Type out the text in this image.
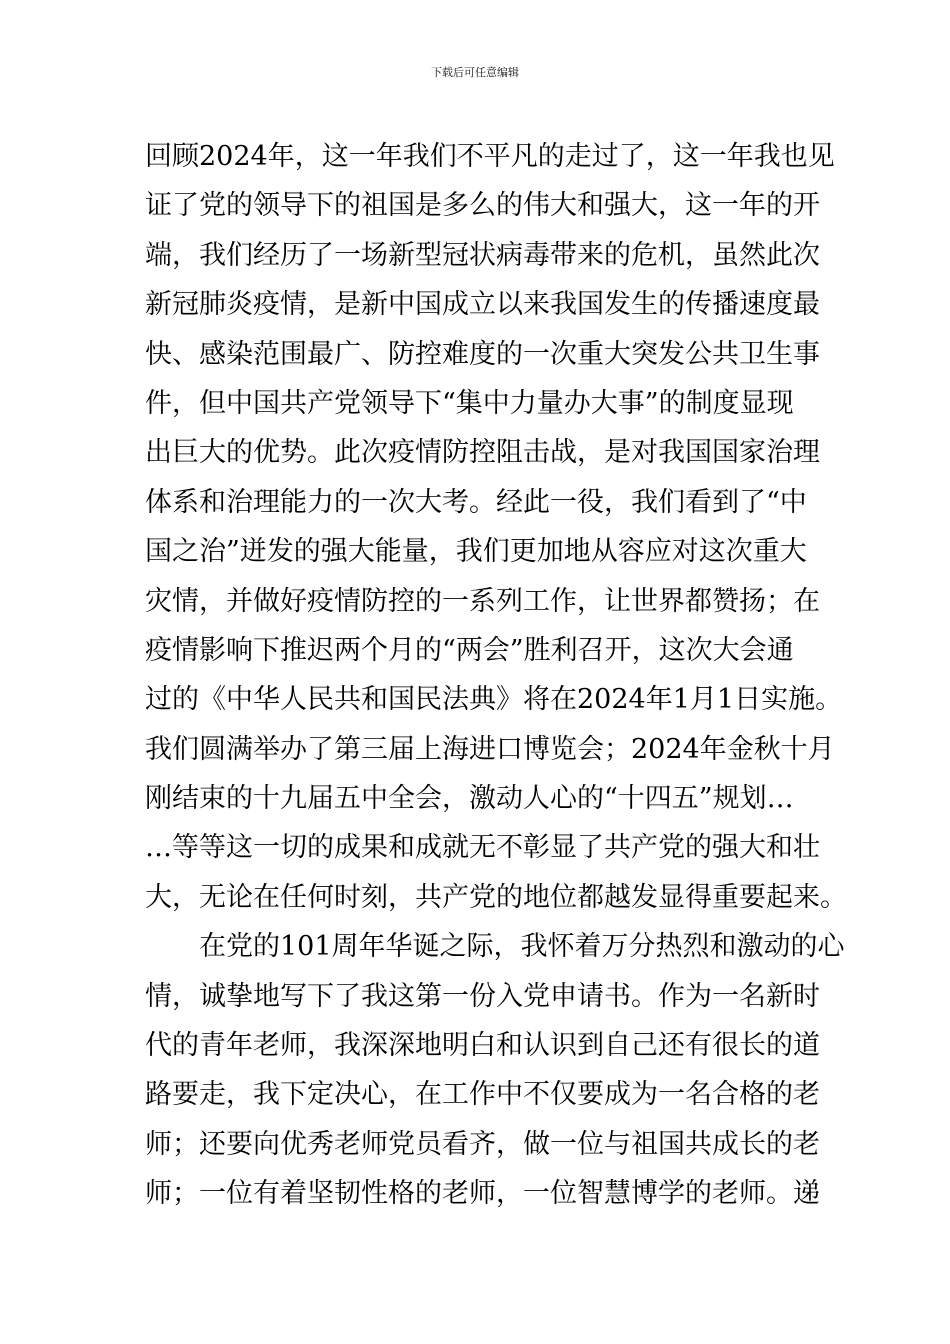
下载后可任意编辑
回顾2024年，这一年我们不平凡的走过了，这一年我也见
证了党的领导下的祖国是多么的伟大和强大，这一年的开
端，我们经历了一场新型冠状病毒带来的危机，虽然此次
新冠肺炎疫情，是新中国成立以来我国发生的传播速度最
快、感染范围最广、防控难度的一次重大突发公共卫生事
件，但中国共产党领导下“集中力量办大事”的制度显现
出巨大的优势。此次疫情防控阻击战，是对我国国家治理
体系和治理能力的一次大考。经此一役，我们看到了“中
国之治”迸发的强大能量，我们更加地从容应对这次重大
灾情，并做好疫情防控的一系列工作，让世界都赞扬；在
疫情影响下推迟两个月的“两会”胜利召开，这次大会通
过的《中华人民共和国民法典》将在2024年1月1日实施。
我们圆满举办了第三届上海进口博览会；2024年金秋十月
刚结束的十九届五中全会，激动人心的“十四五”规划…
…等等这一切的成果和成就无不彰显了共产党的强大和壮
大，无论在任何时刻，共产党的地位都越发显得重要起来。
在党的101周年华诞之际，我怀着万分热烈和激动的心
情，诚挚地写下了我这第一份入党申请书。作为一名新时
代的青年老师，我深深地明白和认识到自己还有很长的道
路要走，我下定决心，在工作中不仅要成为一名合格的老
师；还要向优秀老师党员看齐，做一位与祖国共成长的老
师；一位有着坚韧性格的老师，一位智慧博学的老师。递
